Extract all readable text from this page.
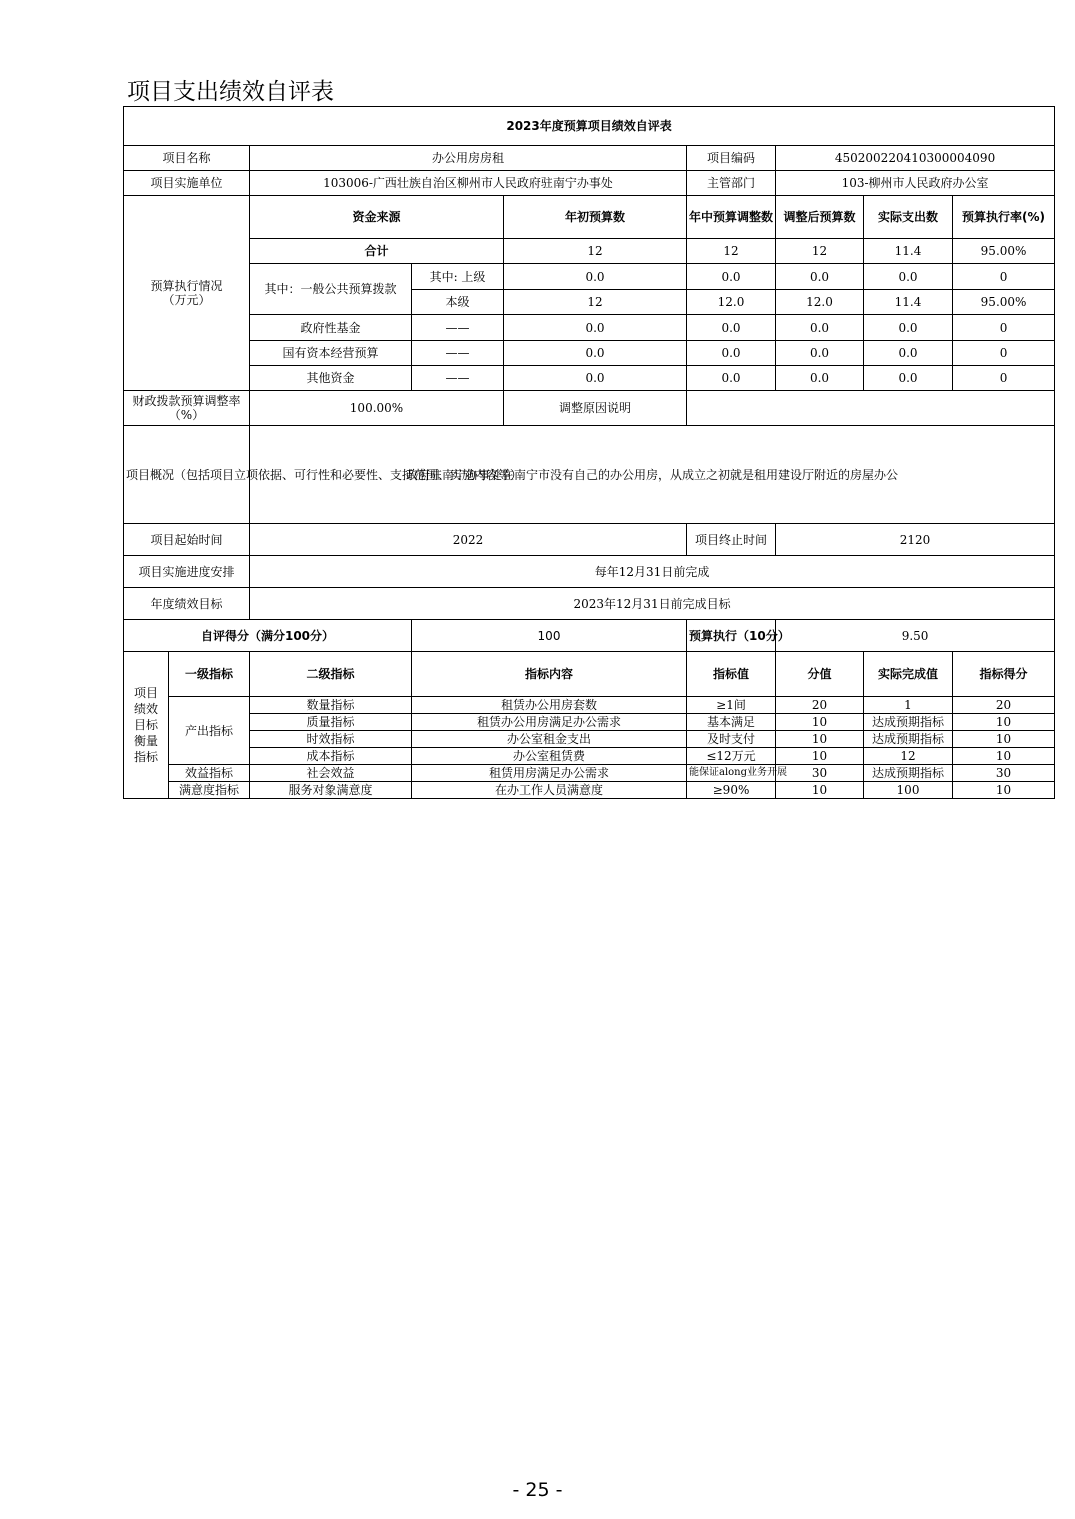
项目支出绩效自评表
2023年度预算项目绩效自评表									
项目名称		办公用房房租			项目编码	450200220410300004090			
项目实施单位		103006-广西壮族自治区柳州市人民政府驻南宁办事处			主管部门	103-柳州市人民政府办公室			
预算执行情况
（万元）		资金来源		年初预算数	年中预算调整数	调整后预算数	实际支出数	预算执行率(%)	
		合计		12	12	12	11.4	95.00%	
		其中：一般公共预算拨款	其中: 上级	0.0	0.0	0.0	0.0	0	
			本级	12	12.0	12.0	11.4	95.00%	
		政府性基金	——	0.0	0.0	0.0	0.0	0	
		国有资本经营预算	——	0.0	0.0	0.0	0.0	0	
		其他资金	——	0.0	0.0	0.0	0.0	0	
财政拨款预算调整率
（%）		100.00%		调整原因说明					
项目概况（包括项目立项依据、可行性和必要性、支持范围、实施内容等）		政府驻南宁办事处在南宁市没有自己的办公用房，从成立之初就是租用建设厅附近的房屋办公							
项目起始时间		2022			项目终止时间	2120			
项目实施进度安排		每年12月31日前完成							
年度绩效目标		2023年12月31日前完成目标							
自评得分（满分100分）			100		预算执行（10分）	9.50			
项目
绩效
目标
衡量
指标	一级指标	二级指标	指标内容		指标值	分值	实际完成值	指标得分	
	产出指标	数量指标	租赁办公用房套数		≥1间	20	1	20	
		质量指标	租赁办公用房满足办公需求		基本满足	10	达成预期指标	10	
		时效指标	办公室租金支出		及时支付	10	达成预期指标	10	
		成本指标	办公室租赁费		≤12万元	10	12	10	
	效益指标	社会效益	租赁用房满足办公需求		能保证along业务开展	30	达成预期指标	30	
	满意度指标	服务对象满意度	在办工作人员满意度		≥90%	10	100	10	
- 25 -
